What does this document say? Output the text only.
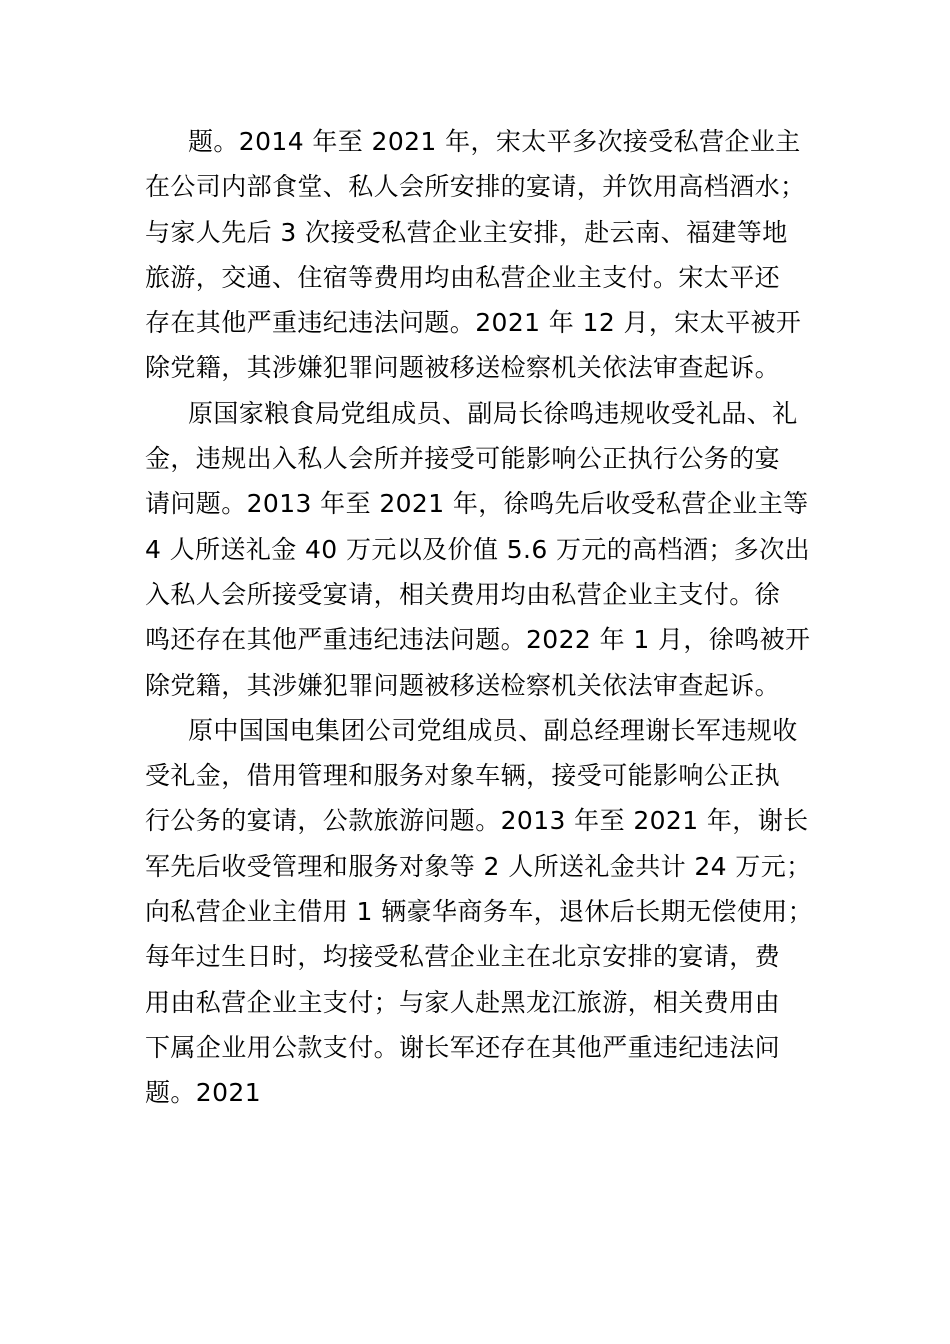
题。2014 年至 2021 年，宋太平多次接受私营企业主
在公司内部食堂、私人会所安排的宴请，并饮用高档酒水；
与家人先后 3 次接受私营企业主安排，赴云南、福建等地
旅游，交通、住宿等费用均由私营企业主支付。宋太平还
存在其他严重违纪违法问题。2021 年 12 月，宋太平被开
除党籍，其涉嫌犯罪问题被移送检察机关依法审查起诉。
原国家粮食局党组成员、副局长徐鸣违规收受礼品、礼
金，违规出入私人会所并接受可能影响公正执行公务的宴
请问题。2013 年至 2021 年，徐鸣先后收受私营企业主等
4 人所送礼金 40 万元以及价值 5.6 万元的高档酒；多次出
入私人会所接受宴请，相关费用均由私营企业主支付。徐
鸣还存在其他严重违纪违法问题。2022 年 1 月，徐鸣被开
除党籍，其涉嫌犯罪问题被移送检察机关依法审查起诉。
原中国国电集团公司党组成员、副总经理谢长军违规收
受礼金，借用管理和服务对象车辆，接受可能影响公正执
行公务的宴请，公款旅游问题。2013 年至 2021 年，谢长
军先后收受管理和服务对象等 2 人所送礼金共计 24 万元；
向私营企业主借用 1 辆豪华商务车，退休后长期无偿使用；
每年过生日时，均接受私营企业主在北京安排的宴请，费
用由私营企业主支付；与家人赴黑龙江旅游，相关费用由
下属企业用公款支付。谢长军还存在其他严重违纪违法问
题。2021
